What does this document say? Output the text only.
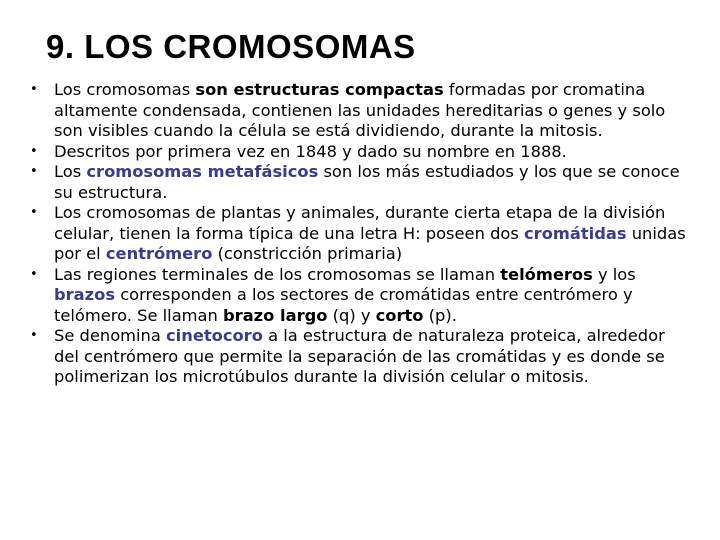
9. LOS CROMOSOMAS
• Los cromosomas son estructuras compactas formadas por cromatina altamente condensada, contienen las unidades hereditarias o genes y solo son visibles cuando la célula se está dividiendo, durante la mitosis.
• Descritos por primera vez en 1848 y dado su nombre en 1888.
• Los cromosomas metafásicos son los más estudiados y los que se conoce su estructura.
• Los cromosomas de plantas y animales, durante cierta etapa de la división celular, tienen la forma típica de una letra H: poseen dos cromátidas unidas por el centrómero (constricción primaria)
• Las regiones terminales de los cromosomas se llaman telómeros y los brazos corresponden a los sectores de cromátidas entre centrómero y telómero. Se llaman brazo largo (q) y corto (p).
• Se denomina cinetocoro a la estructura de naturaleza proteica, alrededor del centrómero que permite la separación de las cromátidas y es donde se polimerizan los microtúbulos durante la división celular o mitosis.
